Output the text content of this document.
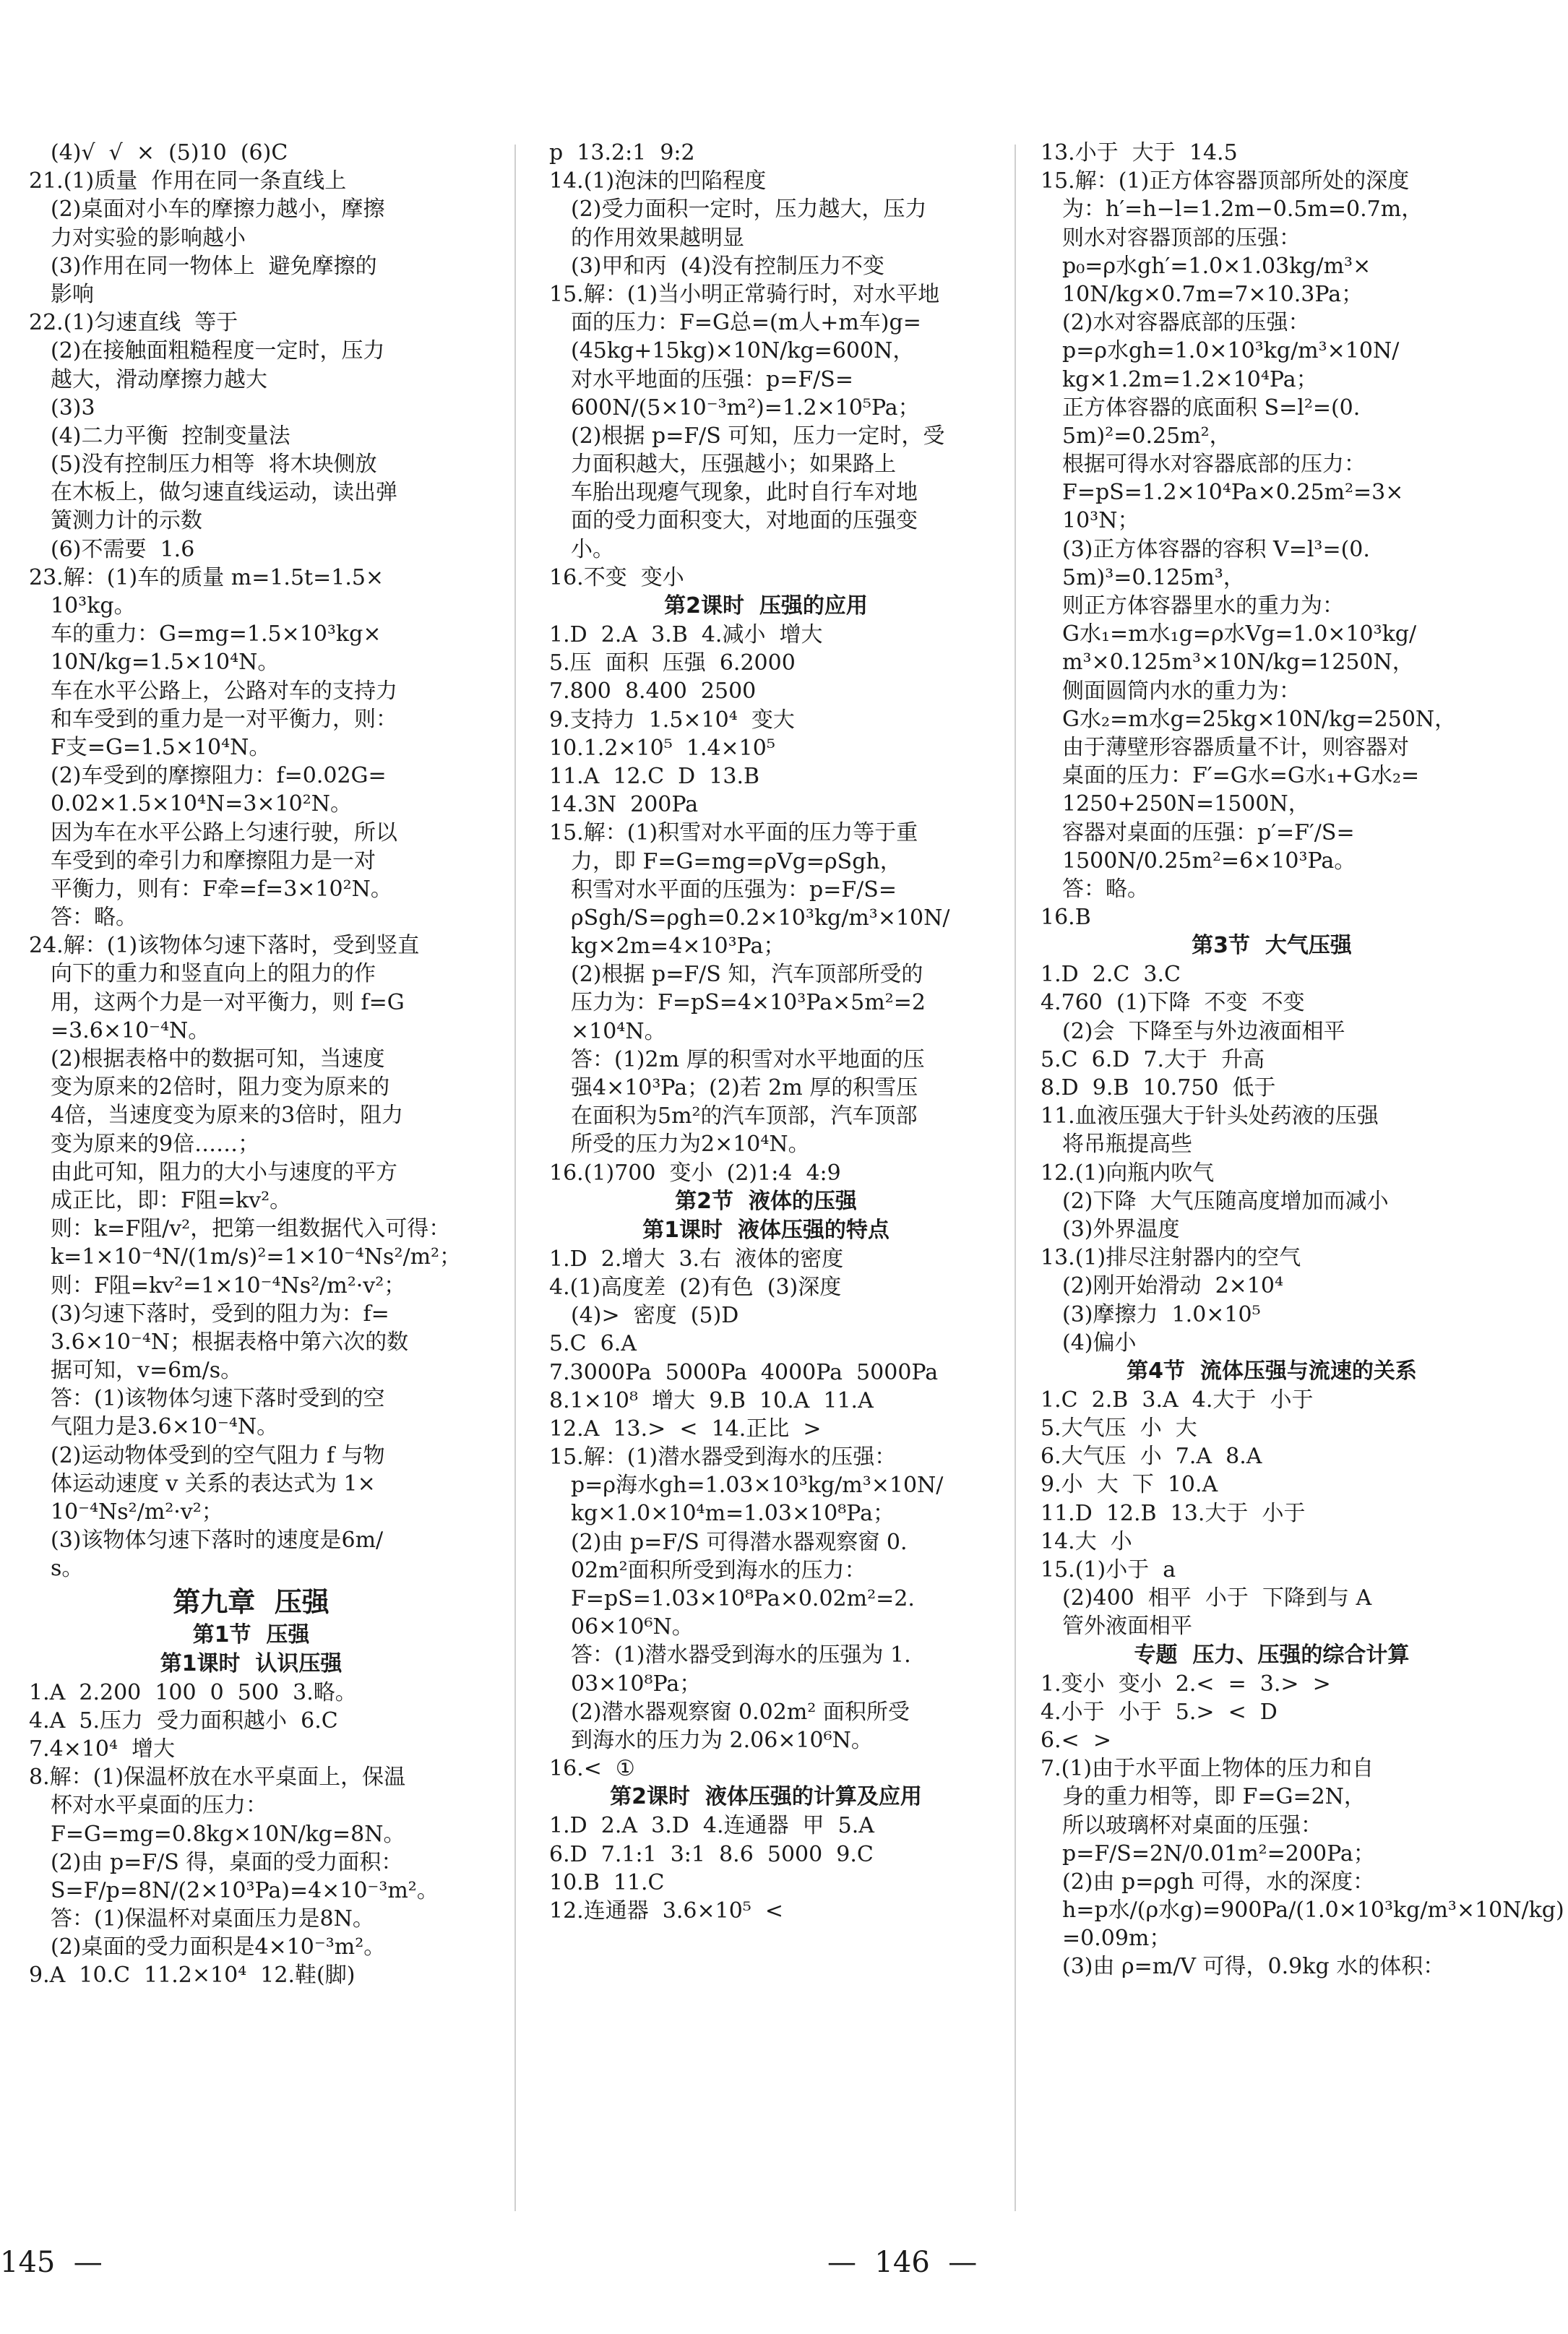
(4)√  √  ×  (5)10  (6)C
21.(1)质量  作用在同一条直线上
(2)桌面对小车的摩擦力越小，摩擦
力对实验的影响越小
(3)作用在同一物体上  避免摩擦的
影响
22.(1)匀速直线  等于
(2)在接触面粗糙程度一定时，压力
越大，滑动摩擦力越大
(3)3
(4)二力平衡  控制变量法
(5)没有控制压力相等  将木块侧放
在木板上，做匀速直线运动，读出弹
簧测力计的示数
(6)不需要  1.6
23.解：(1)车的质量 m=1.5t=1.5×
10³kg。
车的重力：G=mg=1.5×10³kg×
10N/kg=1.5×10⁴N。
车在水平公路上，公路对车的支持力
和车受到的重力是一对平衡力，则：
F支=G=1.5×10⁴N。
(2)车受到的摩擦阻力：f=0.02G=
0.02×1.5×10⁴N=3×10²N。
因为车在水平公路上匀速行驶，所以
车受到的牵引力和摩擦阻力是一对
平衡力，则有：F牵=f=3×10²N。
答：略。
24.解：(1)该物体匀速下落时，受到竖直
向下的重力和竖直向上的阻力的作
用，这两个力是一对平衡力，则 f=G
=3.6×10⁻⁴N。
(2)根据表格中的数据可知，当速度
变为原来的2倍时，阻力变为原来的
4倍，当速度变为原来的3倍时，阻力
变为原来的9倍……；
由此可知，阻力的大小与速度的平方
成正比，即：F阻=kv²。
则：k=F阻/v²，把第一组数据代入可得：
k=1×10⁻⁴N/(1m/s)²=1×10⁻⁴Ns²/m²；
则：F阻=kv²=1×10⁻⁴Ns²/m²·v²；
(3)匀速下落时，受到的阻力为：f=
3.6×10⁻⁴N；根据表格中第六次的数
据可知，v=6m/s。
答：(1)该物体匀速下落时受到的空
气阻力是3.6×10⁻⁴N。
(2)运动物体受到的空气阻力 f 与物
体运动速度 v 关系的表达式为 1×
10⁻⁴Ns²/m²·v²；
(3)该物体匀速下落时的速度是6m/
s。
第九章  压强
第1节  压强
第1课时  认识压强
1.A  2.200  100  0  500  3.略。
4.A  5.压力  受力面积越小  6.C
7.4×10⁴  增大
8.解：(1)保温杯放在水平桌面上，保温
杯对水平桌面的压力：
F=G=mg=0.8kg×10N/kg=8N。
(2)由 p=F/S 得，桌面的受力面积：
S=F/p=8N/(2×10³Pa)=4×10⁻³m²。
答：(1)保温杯对桌面压力是8N。
(2)桌面的受力面积是4×10⁻³m²。
9.A  10.C  11.2×10⁴  12.鞋(脚)
p  13.2:1  9:2
14.(1)泡沫的凹陷程度
(2)受力面积一定时，压力越大，压力
的作用效果越明显
(3)甲和丙  (4)没有控制压力不变
15.解：(1)当小明正常骑行时，对水平地
面的压力：F=G总=(m人+m车)g=
(45kg+15kg)×10N/kg=600N，
对水平地面的压强：p=F/S=
600N/(5×10⁻³m²)=1.2×10⁵Pa；
(2)根据 p=F/S 可知，压力一定时，受
力面积越大，压强越小；如果路上
车胎出现瘪气现象，此时自行车对地
面的受力面积变大，对地面的压强变
小。
16.不变  变小
第2课时  压强的应用
1.D  2.A  3.B  4.减小  增大
5.压  面积  压强  6.2000
7.800  8.400  2500
9.支持力  1.5×10⁴  变大
10.1.2×10⁵  1.4×10⁵
11.A  12.C  D  13.B
14.3N  200Pa
15.解：(1)积雪对水平面的压力等于重
力，即 F=G=mg=ρVg=ρSgh，
积雪对水平面的压强为：p=F/S=
ρSgh/S=ρgh=0.2×10³kg/m³×10N/
kg×2m=4×10³Pa；
(2)根据 p=F/S 知，汽车顶部所受的
压力为：F=pS=4×10³Pa×5m²=2
×10⁴N。
答：(1)2m 厚的积雪对水平地面的压
强4×10³Pa；(2)若 2m 厚的积雪压
在面积为5m²的汽车顶部，汽车顶部
所受的压力为2×10⁴N。
16.(1)700  变小  (2)1:4  4:9
第2节  液体的压强
第1课时  液体压强的特点
1.D  2.增大  3.右  液体的密度
4.(1)高度差  (2)有色  (3)深度
(4)>  密度  (5)D
5.C  6.A
7.3000Pa  5000Pa  4000Pa  5000Pa
8.1×10⁸  增大  9.B  10.A  11.A
12.A  13.>  <  14.正比  >
15.解：(1)潜水器受到海水的压强：
p=ρ海水gh=1.03×10³kg/m³×10N/
kg×1.0×10⁴m=1.03×10⁸Pa；
(2)由 p=F/S 可得潜水器观察窗 0.
02m²面积所受到海水的压力：
F=pS=1.03×10⁸Pa×0.02m²=2.
06×10⁶N。
答：(1)潜水器受到海水的压强为 1.
03×10⁸Pa；
(2)潜水器观察窗 0.02m² 面积所受
到海水的压力为 2.06×10⁶N。
16.<  ①
第2课时  液体压强的计算及应用
1.D  2.A  3.D  4.连通器  甲  5.A
6.D  7.1:1  3:1  8.6  5000  9.C
10.B  11.C
12.连通器  3.6×10⁵  <
13.小于  大于  14.5
15.解：(1)正方体容器顶部所处的深度
为：h′=h−l=1.2m−0.5m=0.7m，
则水对容器顶部的压强：
p₀=ρ水gh′=1.0×1.03kg/m³×
10N/kg×0.7m=7×10.3Pa；
(2)水对容器底部的压强：
p=ρ水gh=1.0×10³kg/m³×10N/
kg×1.2m=1.2×10⁴Pa；
正方体容器的底面积 S=l²=(0.
5m)²=0.25m²，
根据可得水对容器底部的压力：
F=pS=1.2×10⁴Pa×0.25m²=3×
10³N；
(3)正方体容器的容积 V=l³=(0.
5m)³=0.125m³，
则正方体容器里水的重力为：
G水₁=m水₁g=ρ水Vg=1.0×10³kg/
m³×0.125m³×10N/kg=1250N，
侧面圆筒内水的重力为：
G水₂=m水g=25kg×10N/kg=250N，
由于薄壁形容器质量不计，则容器对
桌面的压力：F′=G水=G水₁+G水₂=
1250+250N=1500N，
容器对桌面的压强：p′=F′/S=
1500N/0.25m²=6×10³Pa。
答：略。
16.B
第3节  大气压强
1.D  2.C  3.C
4.760  (1)下降  不变  不变
(2)会  下降至与外边液面相平
5.C  6.D  7.大于  升高
8.D  9.B  10.750  低于
11.血液压强大于针头处药液的压强
将吊瓶提高些
12.(1)向瓶内吹气
(2)下降  大气压随高度增加而减小
(3)外界温度
13.(1)排尽注射器内的空气
(2)刚开始滑动  2×10⁴
(3)摩擦力  1.0×10⁵
(4)偏小
第4节  流体压强与流速的关系
1.C  2.B  3.A  4.大于  小于
5.大气压  小  大
6.大气压  小  7.A  8.A
9.小  大  下  10.A
11.D  12.B  13.大于  小于
14.大  小
15.(1)小于  a
(2)400  相平  小于  下降到与 A
管外液面相平
专题  压力、压强的综合计算
1.变小  变小  2.<  =  3.>  >
4.小于  小于  5.>  <  D
6.<  >
7.(1)由于水平面上物体的压力和自
身的重力相等，即 F=G=2N，
所以玻璃杯对桌面的压强：
p=F/S=2N/0.01m²=200Pa；
(2)由 p=ρgh 可得，水的深度：
h=p水/(ρ水g)=900Pa/(1.0×10³kg/m³×10N/kg)
=0.09m；
(3)由 ρ=m/V 可得，0.9kg 水的体积：
145  —	—  146  —
